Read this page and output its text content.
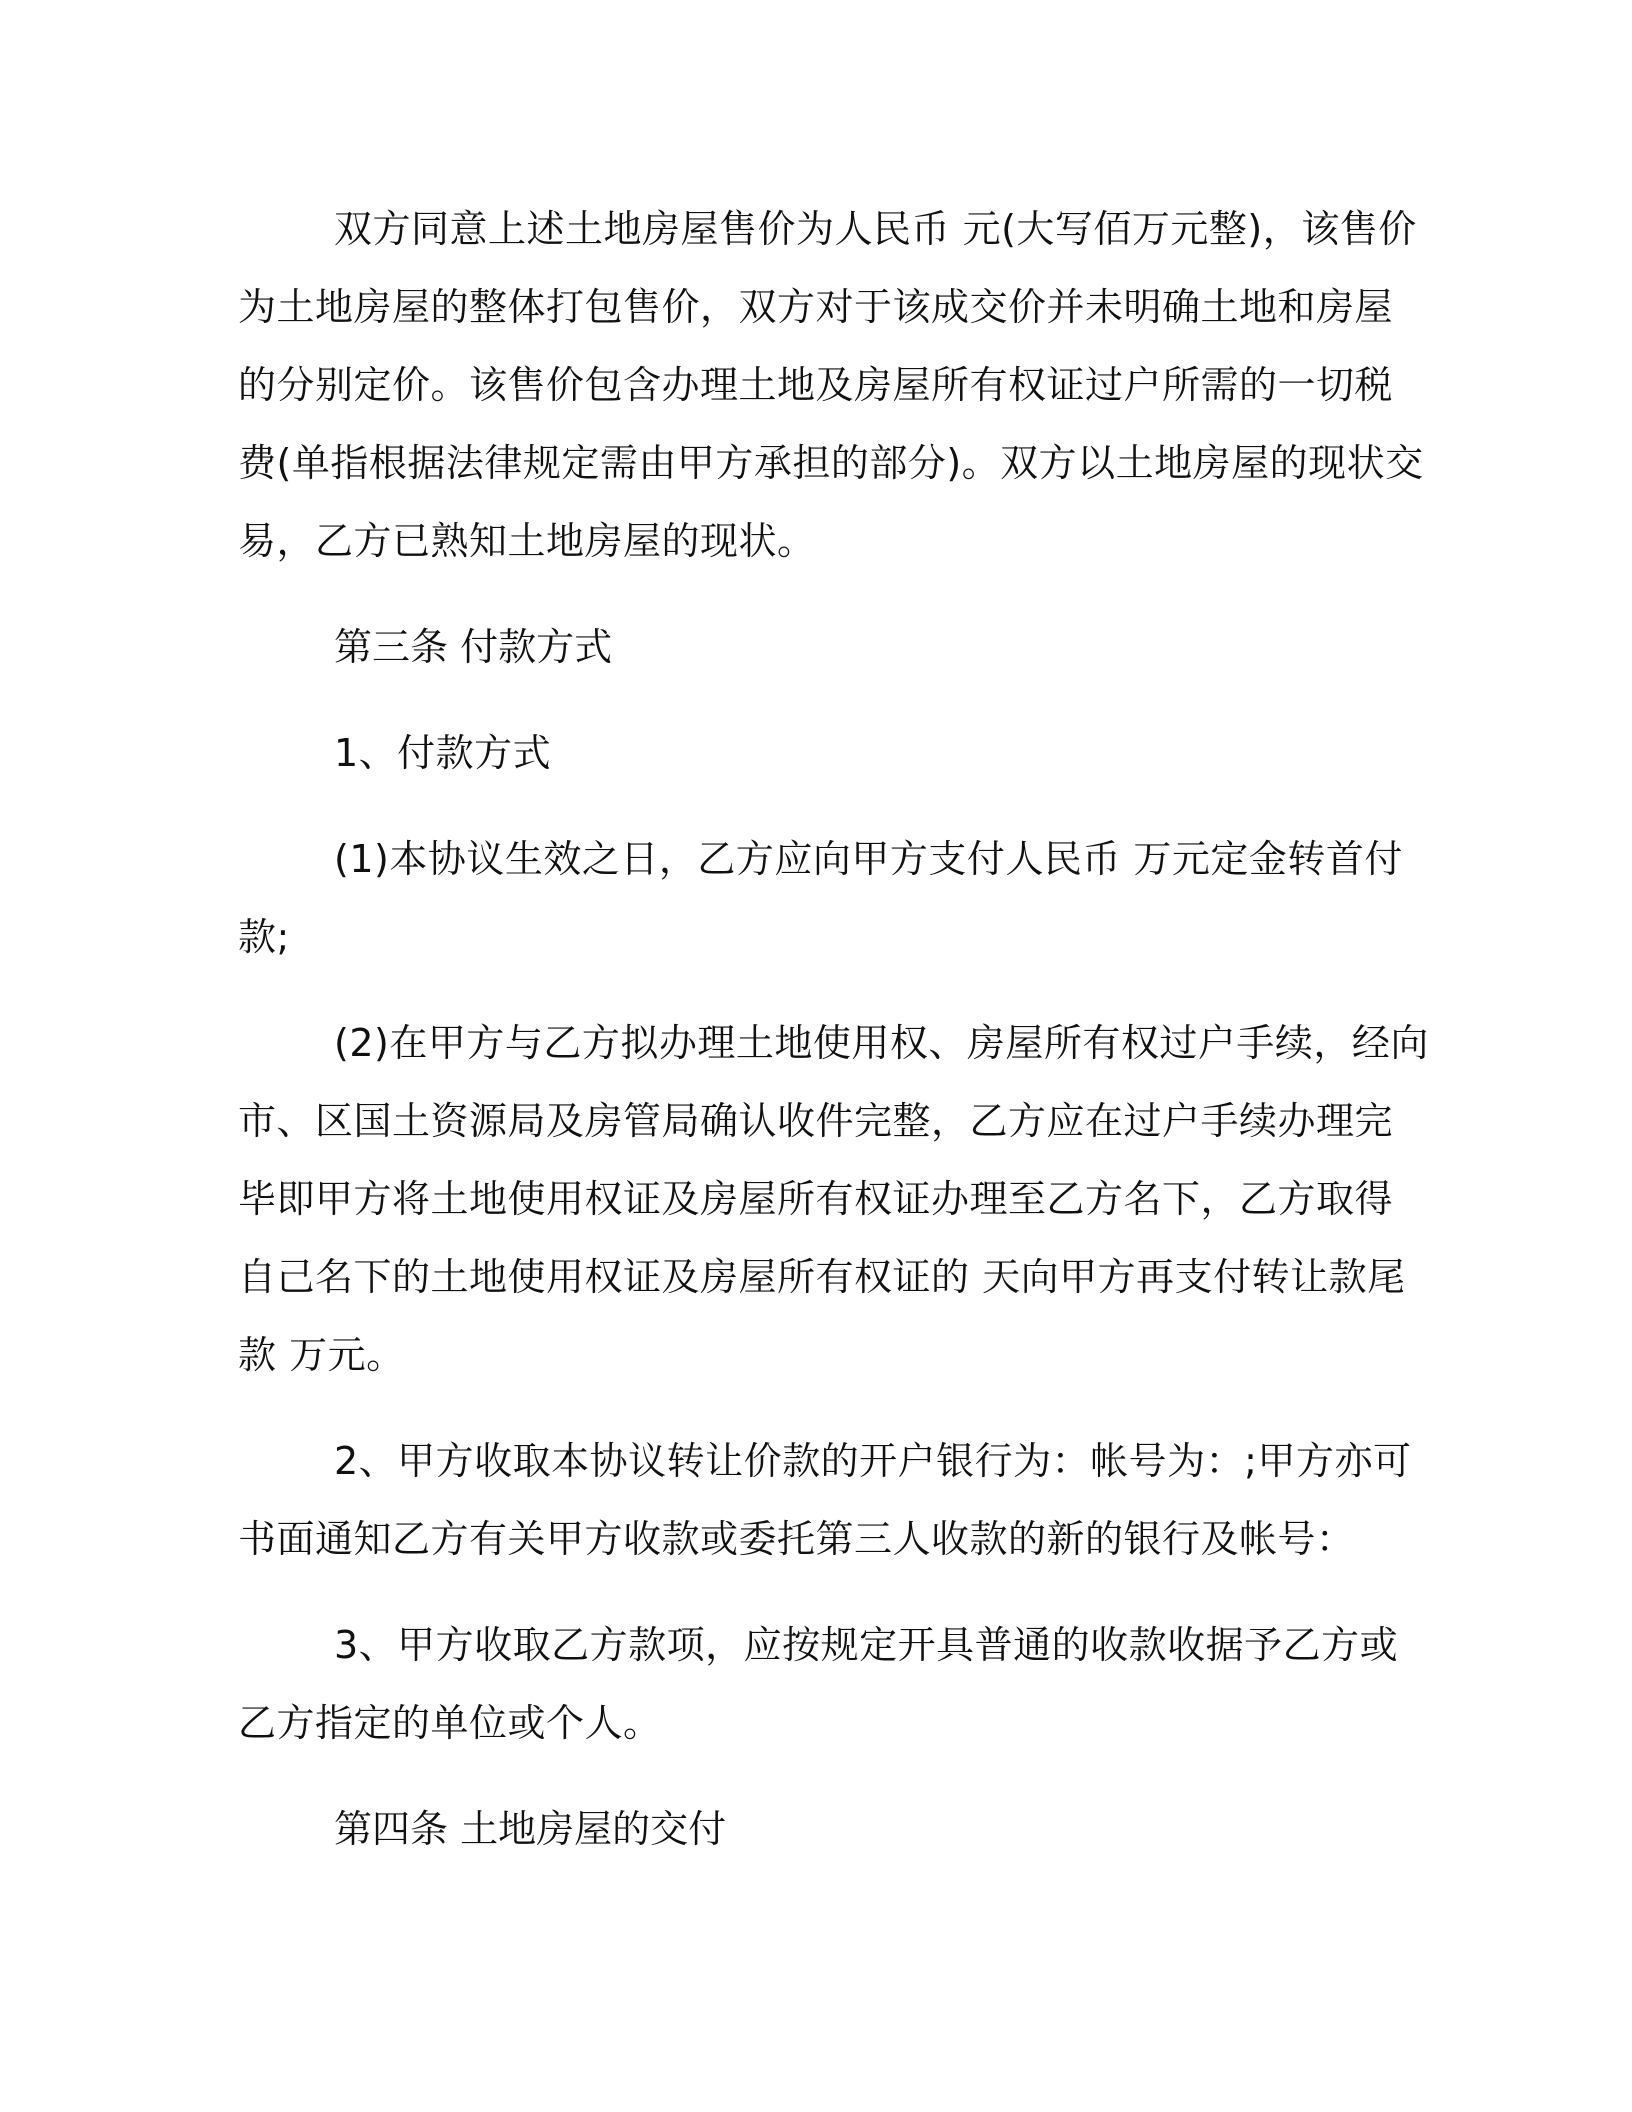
双方同意上述土地房屋售价为人民币 元(大写佰万元整)，该售价
为土地房屋的整体打包售价，双方对于该成交价并未明确土地和房屋
的分别定价。该售价包含办理土地及房屋所有权证过户所需的一切税
费(单指根据法律规定需由甲方承担的部分)。双方以土地房屋的现状交
易，乙方已熟知土地房屋的现状。

第三条 付款方式

1、付款方式

(1)本协议生效之日，乙方应向甲方支付人民币 万元定金转首付
款;

(2)在甲方与乙方拟办理土地使用权、房屋所有权过户手续，经向
市、区国土资源局及房管局确认收件完整，乙方应在过户手续办理完
毕即甲方将土地使用权证及房屋所有权证办理至乙方名下，乙方取得
自己名下的土地使用权证及房屋所有权证的 天向甲方再支付转让款尾
款 万元。

2、甲方收取本协议转让价款的开户银行为：帐号为：;甲方亦可
书面通知乙方有关甲方收款或委托第三人收款的新的银行及帐号：

3、甲方收取乙方款项，应按规定开具普通的收款收据予乙方或
乙方指定的单位或个人。

第四条 土地房屋的交付
